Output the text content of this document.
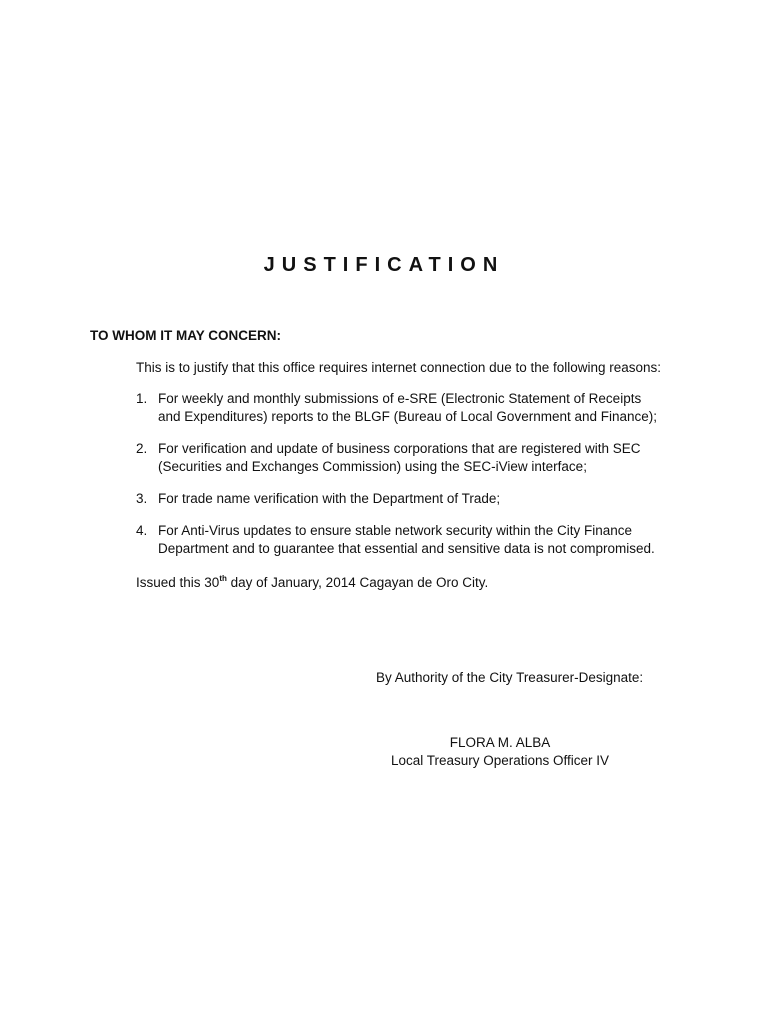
JUSTIFICATION
TO WHOM IT MAY CONCERN:
This is to justify that this office requires internet connection due to the following reasons:
1. For weekly and monthly submissions of e-SRE (Electronic Statement of Receipts
and Expenditures) reports to the BLGF (Bureau of Local Government and Finance);
2. For verification and update of business corporations that are registered with SEC
(Securities and Exchanges Commission) using the SEC-iView interface;
3. For trade name verification with the Department of Trade;
4. For Anti-Virus updates to ensure stable network security within the City Finance
Department and to guarantee that essential and sensitive data is not compromised.
Issued this 30th day of January, 2014 Cagayan de Oro City.
By Authority of the City Treasurer-Designate:
FLORA M. ALBA
Local Treasury Operations Officer IV
